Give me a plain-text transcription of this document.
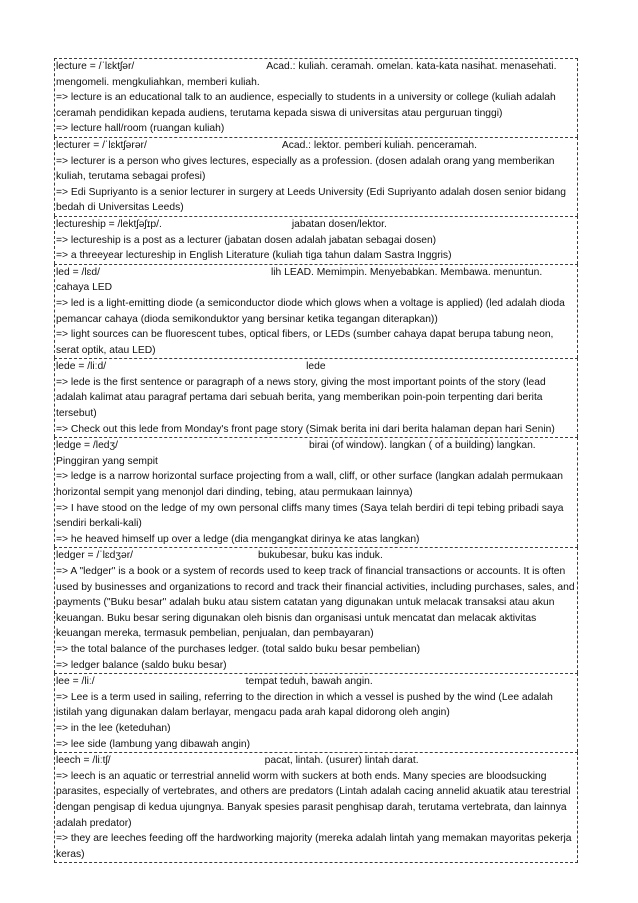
lecture = /ˈlɛktʃər/	Acad.: kuliah. ceramah. omelan. kata-kata nasihat. menasehati. mengomeli. mengkuliahkan, memberi kuliah.
=> lecture is an educational talk to an audience, especially to students in a university or college (kuliah adalah ceramah pendidikan kepada audiens, terutama kepada siswa di universitas atau perguruan tinggi)
=> lecture hall/room (ruangan kuliah)
lecturer = /ˈlɛktʃərər/	Acad.: lektor. pemberi kuliah. penceramah.
=> lecturer is a person who gives lectures, especially as a profession. (dosen adalah orang yang memberikan kuliah, terutama sebagai profesi)
=> Edi Supriyanto is a senior lecturer in surgery at Leeds University (Edi Supriyanto adalah dosen senior bidang bedah di Universitas Leeds)
lectureship = /lektʃəʃɪp/.	jabatan dosen/lektor.
=> lectureship is a post as a lecturer (jabatan dosen adalah jabatan sebagai dosen)
=> a threeyear lectureship in English Literature (kuliah tiga tahun dalam Sastra Inggris)
led = /lɛd/	lih LEAD. Memimpin. Menyebabkan. Membawa. menuntun. cahaya LED
=> led is a light-emitting diode (a semiconductor diode which glows when a voltage is applied) (led adalah dioda pemancar cahaya (dioda semikonduktor yang bersinar ketika tegangan diterapkan))
=> light sources can be fluorescent tubes, optical fibers, or LEDs (sumber cahaya dapat berupa tabung neon, serat optik, atau LED)
lede = /liːd/	lede
=> lede is the first sentence or paragraph of a news story, giving the most important points of the story (lead adalah kalimat atau paragraf pertama dari sebuah berita, yang memberikan poin-poin terpenting dari berita tersebut)
=> Check out this lede from Monday's front page story (Simak berita ini dari berita halaman depan hari Senin)
ledge = /ledʒ/	birai (of window). langkan ( of a building) langkan. Pinggiran yang sempit
=> ledge is a narrow horizontal surface projecting from a wall, cliff, or other surface (langkan adalah permukaan horizontal sempit yang menonjol dari dinding, tebing, atau permukaan lainnya)
=> I have stood on the ledge of my own personal cliffs many times (Saya telah berdiri di tepi tebing pribadi saya sendiri berkali-kali)
=> he heaved himself up over a ledge (dia mengangkat dirinya ke atas langkan)
ledger = /ˈlɛdʒər/	bukubesar, buku kas induk.
=> A "ledger" is a book or a system of records used to keep track of financial transactions or accounts. It is often used by businesses and organizations to record and track their financial activities, including purchases, sales, and payments ("Buku besar" adalah buku atau sistem catatan yang digunakan untuk melacak transaksi atau akun keuangan. Buku besar sering digunakan oleh bisnis dan organisasi untuk mencatat dan melacak aktivitas keuangan mereka, termasuk pembelian, penjualan, dan pembayaran)
=> the total balance of the purchases ledger. (total saldo buku besar pembelian)
=> ledger balance (saldo buku besar)
lee = /liː/	tempat teduh, bawah angin.
=> Lee is a term used in sailing, referring to the direction in which a vessel is pushed by the wind (Lee adalah istilah yang digunakan dalam berlayar, mengacu pada arah kapal didorong oleh angin)
=> in the lee (keteduhan)
=> lee side (lambung yang dibawah angin)
leech = /liːtʃ/	pacat, lintah. (usurer) lintah darat.
=> leech is an aquatic or terrestrial annelid worm with suckers at both ends. Many species are bloodsucking parasites, especially of vertebrates, and others are predators (Lintah adalah cacing annelid akuatik atau terestrial dengan pengisap di kedua ujungnya. Banyak spesies parasit penghisap darah, terutama vertebrata, dan lainnya adalah predator)
=> they are leeches feeding off the hardworking majority (mereka adalah lintah yang memakan mayoritas pekerja keras)
